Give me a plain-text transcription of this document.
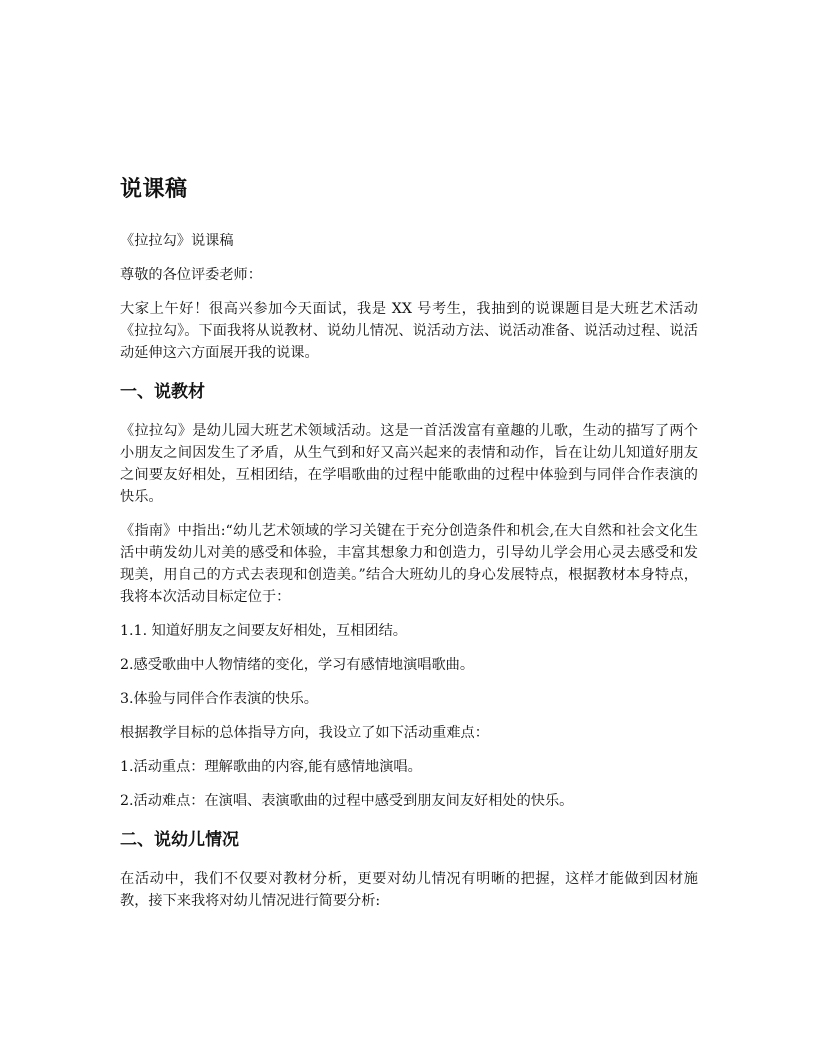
说课稿

《拉拉勾》说课稿

尊敬的各位评委老师：

大家上午好！很高兴参加今天面试，我是 XX 号考生，我抽到的说课题目是大班艺术活动《拉拉勾》。下面我将从说教材、说幼儿情况、说活动方法、说活动准备、说活动过程、说活动延伸这六方面展开我的说课。

一、说教材

《拉拉勾》是幼儿园大班艺术领域活动。这是一首活泼富有童趣的儿歌，生动的描写了两个小朋友之间因发生了矛盾，从生气到和好又高兴起来的表情和动作，旨在让幼儿知道好朋友之间要友好相处，互相团结，在学唱歌曲的过程中能歌曲的过程中体验到与同伴合作表演的快乐。

《指南》中指出:“幼儿艺术领域的学习关键在于充分创造条件和机会,在大自然和社会文化生活中萌发幼儿对美的感受和体验，丰富其想象力和创造力，引导幼儿学会用心灵去感受和发现美，用自己的方式去表现和创造美。”结合大班幼儿的身心发展特点，根据教材本身特点，我将本次活动目标定位于：

1.1. 知道好朋友之间要友好相处，互相团结。

2.感受歌曲中人物情绪的变化，学习有感情地演唱歌曲。

3.体验与同伴合作表演的快乐。

根据教学目标的总体指导方向，我设立了如下活动重难点：

1.活动重点：理解歌曲的内容,能有感情地演唱。

2.活动难点：在演唱、表演歌曲的过程中感受到朋友间友好相处的快乐。

二、说幼儿情况

在活动中，我们不仅要对教材分析，更要对幼儿情况有明晰的把握，这样才能做到因材施教，接下来我将对幼儿情况进行简要分析:
